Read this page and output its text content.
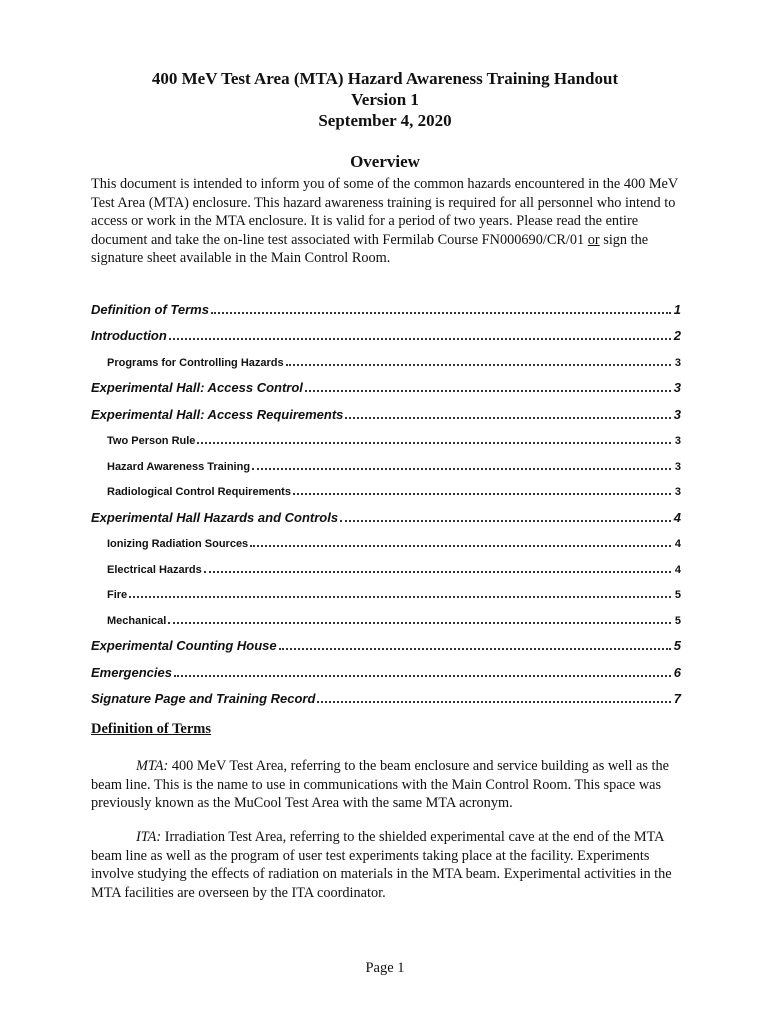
400 MeV Test Area (MTA) Hazard Awareness Training Handout
Version 1
September 4, 2020
Overview
This document is intended to inform you of some of the common hazards encountered in the 400 MeV Test Area (MTA) enclosure. This hazard awareness training is required for all personnel who intend to access or work in the MTA enclosure. It is valid for a period of two years. Please read the entire document and take the on-line test associated with Fermilab Course FN000690/CR/01 or sign the signature sheet available in the Main Control Room.
Definition of Terms	1
Introduction	2
Programs for Controlling Hazards	3
Experimental Hall: Access Control	3
Experimental Hall: Access Requirements	3
Two Person Rule	3
Hazard Awareness Training	3
Radiological Control Requirements	3
Experimental Hall Hazards and Controls	4
Ionizing Radiation Sources	4
Electrical Hazards	4
Fire	5
Mechanical	5
Experimental Counting House	5
Emergencies	6
Signature Page and Training Record	7
Definition of Terms
MTA: 400 MeV Test Area, referring to the beam enclosure and service building as well as the beam line. This is the name to use in communications with the Main Control Room. This space was previously known as the MuCool Test Area with the same MTA acronym.
ITA: Irradiation Test Area, referring to the shielded experimental cave at the end of the MTA beam line as well as the program of user test experiments taking place at the facility. Experiments involve studying the effects of radiation on materials in the MTA beam. Experimental activities in the MTA facilities are overseen by the ITA coordinator.
Page 1
